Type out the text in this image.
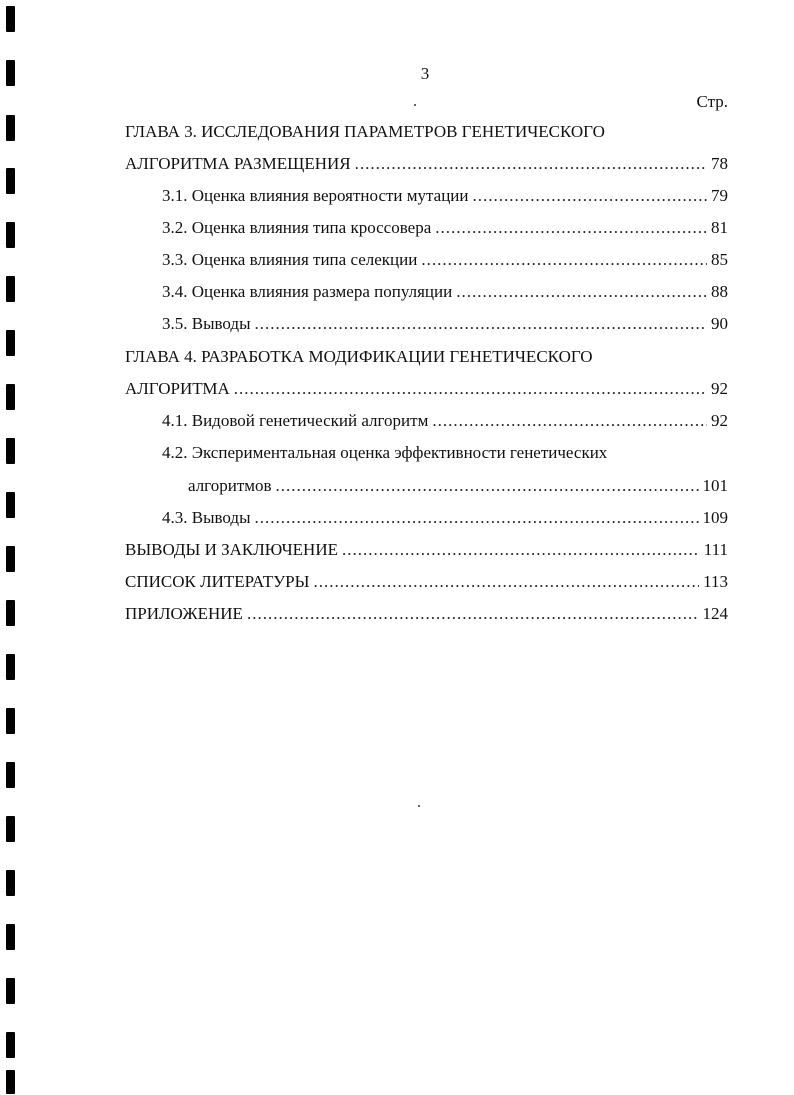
3
Стр.
ГЛАВА 3. ИССЛЕДОВАНИЯ ПАРАМЕТРОВ ГЕНЕТИЧЕСКОГО
АЛГОРИТМА РАЗМЕЩЕНИЯ .....	78
3.1. Оценка влияния вероятности мутации .....	79
3.2. Оценка влияния типа кроссовера .....	81
3.3. Оценка влияния типа селекции .....	85
3.4. Оценка влияния размера популяции .....	88
3.5. Выводы .....	90
ГЛАВА 4. РАЗРАБОТКА МОДИФИКАЦИИ ГЕНЕТИЧЕСКОГО
АЛГОРИТМА .....	92
4.1. Видовой генетический алгоритм .....	92
4.2. Экспериментальная оценка эффективности генетических
алгоритмов .....	101
4.3. Выводы .....	109
ВЫВОДЫ И ЗАКЛЮЧЕНИЕ .....	111
СПИСОК ЛИТЕРАТУРЫ .....	113
ПРИЛОЖЕНИЕ .....	124
